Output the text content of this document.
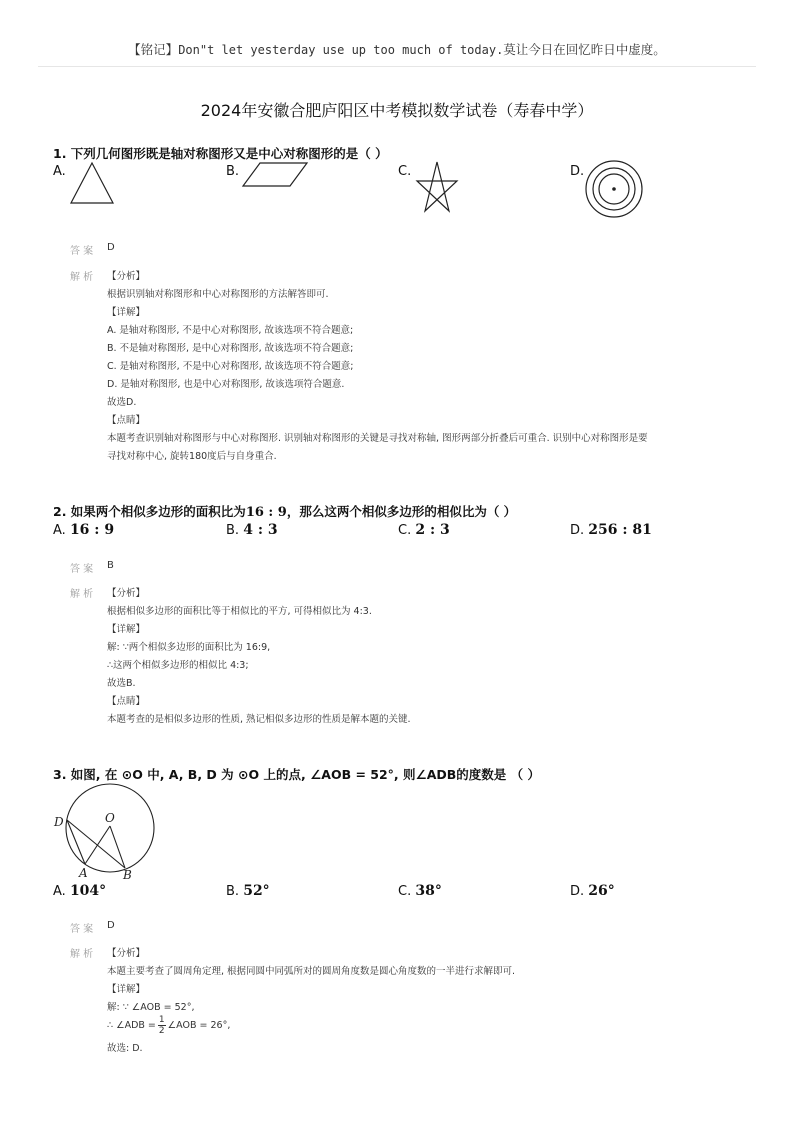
【铭记】Don"t let yesterday use up too much of today.莫让今日在回忆昨日中虚度。
2024年安徽合肥庐阳区中考模拟数学试卷（寿春中学）
1. 下列几何图形既是轴对称图形又是中心对称图形的是（ ）
A.	B.	C.	D.
答 案 D
解 析 【分析】
根据识别轴对称图形和中心对称图形的方法解答即可.
【详解】
A. 是轴对称图形, 不是中心对称图形, 故该选项不符合题意;
B. 不是轴对称图形, 是中心对称图形, 故该选项不符合题意;
C. 是轴对称图形, 不是中心对称图形, 故该选项不符合题意;
D. 是轴对称图形, 也是中心对称图形, 故该选项符合题意.
故选D.
【点睛】
本题考查识别轴对称图形与中心对称图形. 识别轴对称图形的关键是寻找对称轴, 图形两部分折叠后可重合. 识别中心对称图形是要
寻找对称中心, 旋转180度后与自身重合.
2. 如果两个相似多边形的面积比为16 : 9，那么这两个相似多边形的相似比为（ ）
A. 16 : 9	B. 4 : 3	C. 2 : 3	D. 256 : 81
答 案 B
解 析 【分析】
根据相似多边形的面积比等于相似比的平方, 可得相似比为 4:3.
【详解】
解: ∵两个相似多边形的面积比为 16:9,
∴这两个相似多边形的相似比 4:3;
故选B.
【点睛】
本题考查的是相似多边形的性质, 熟记相似多边形的性质是解本题的关键.
3. 如图, 在 ⊙O 中, A, B, D 为 ⊙O 上的点, ∠AOB = 52°, 则∠ADB的度数是 （ ）
D	O
A	B
A. 104°	B. 52°	C. 38°	D. 26°
答 案 D
解 析 【分析】
本题主要考查了圆周角定理, 根据同圆中同弧所对的圆周角度数是圆心角度数的一半进行求解即可.
【详解】
解: ∵ ∠AOB = 52°,
∴ ∠ADB = $\frac{1}{2}$ ∠AOB = 26°,
故选: D.
